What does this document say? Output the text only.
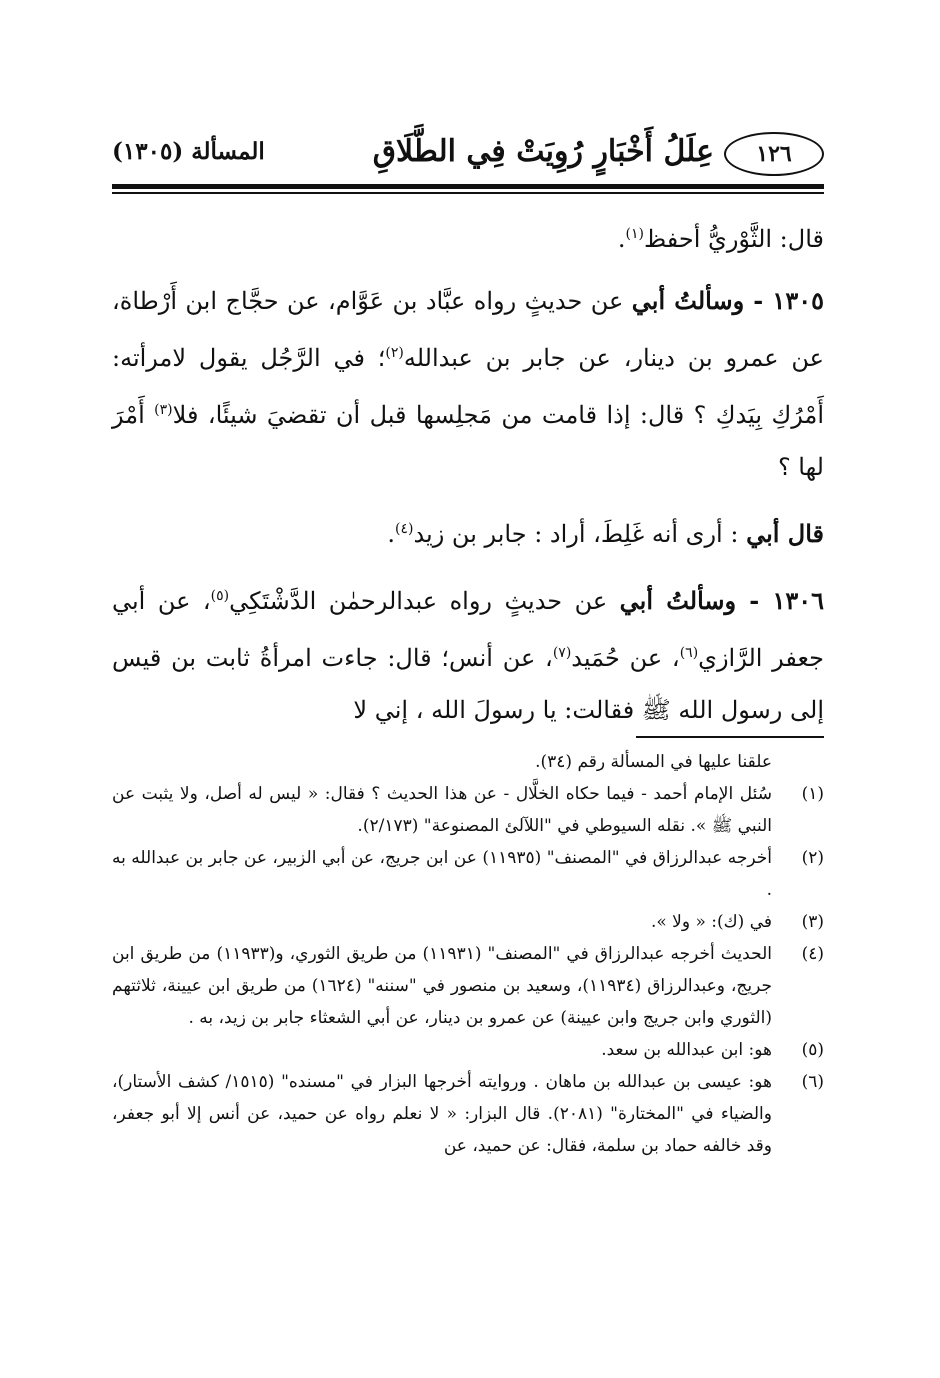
١٢٦
عِلَلُ أَخْبَارٍ رُوِيَتْ فِي الطَّلَاقِ
المسألة (١٣٠٥)

قال: الثَّوْريُّ أحفظ$^{(١)}$.

١٣٠٥ - وسألتُ أبي عن حديثٍ رواه عبَّاد بن عَوَّام، عن حجَّاج ابن أَرْطاة، عن عمرو بن دينار، عن جابر بن عبدالله$^{(٢)}$؛ في الرَّجُل يقول لامرأته: أَمْرُكِ بِيَدكِ ؟ قال: إذا قامت من مَجلِسها قبل أن تقضيَ شيئًا، فلا$^{(٣)}$ أَمْرَ لها ؟

قال أبي : أرى أنه غَلِطَ، أراد : جابر بن زيد$^{(٤)}$.

١٣٠٦ - وسألتُ أبي عن حديثٍ رواه عبدالرحمٰن الدَّشْتَكِي$^{(٥)}$، عن أبي جعفر الرَّازي$^{(٦)}$، عن حُمَيد$^{(٧)}$، عن أنس؛ قال: جاءت امرأةُ ثابت بن قيس إلى رسول الله ﷺ فقالت: يا رسولَ الله ، إني لا

علقنا عليها في المسألة رقم (٣٤).

(١)
سُئل الإمام أحمد - فيما حكاه الخلَّال - عن هذا الحديث ؟ فقال: « ليس له أصل، ولا يثبت عن النبي ﷺ ». نقله السيوطي في "اللآلئ المصنوعة" (٢/١٧٣).
(٢)
أخرجه عبدالرزاق في "المصنف" (١١٩٣٥) عن ابن جريج، عن أبي الزبير، عن جابر بن عبدالله به .
(٣)
في (ك): « ولا ».
(٤)
الحديث أخرجه عبدالرزاق في "المصنف" (١١٩٣١) من طريق الثوري، و(١١٩٣٣) من طريق ابن جريج، وعبدالرزاق (١١٩٣٤)، وسعيد بن منصور في "سننه" (١٦٢٤) من طريق ابن عيينة، ثلاثتهم (الثوري وابن جريج وابن عيينة) عن عمرو بن دينار، عن أبي الشعثاء جابر بن زيد، به .
(٥)
هو: ابن عبدالله بن سعد.
(٦)
هو: عيسى بن عبدالله بن ماهان . وروايته أخرجها البزار في "مسنده" (١٥١٥/ كشف الأستار)، والضياء في "المختارة" (٢٠٨١). قال البزار: « لا نعلم رواه عن حميد، عن أنس إلا أبو جعفر، وقد خالفه حماد بن سلمة، فقال: عن حميد، عن
